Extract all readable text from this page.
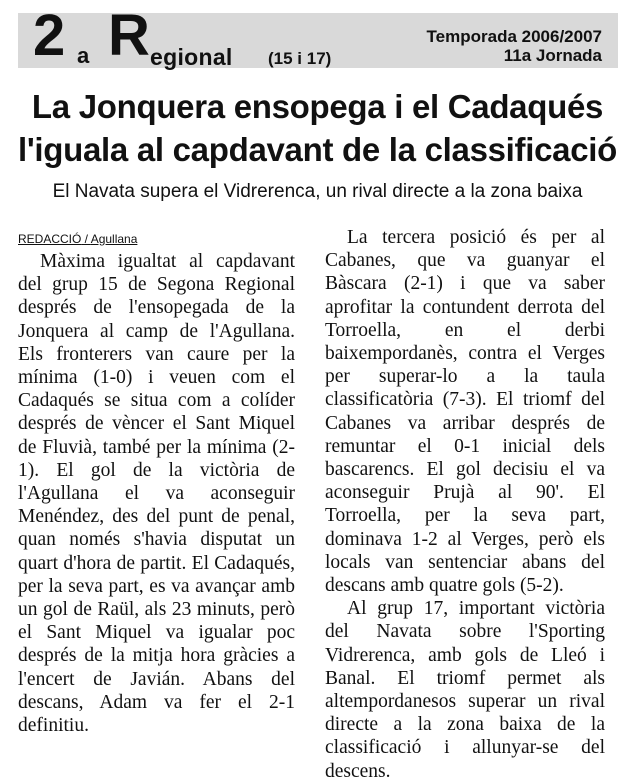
2 a R egional (15 i 17)
Temporada 2006/2007
11a Jornada
La Jonquera ensopega i el Cadaqués
l'iguala al capdavant de la classificació
El Navata supera el Vidrerenca, un rival directe a la zona baixa
REDACCIÓ / Agullana

Màxima igualtat al capdavant del grup 15 de Segona Regional després de l'ensopegada de la Jonquera al camp de l'Agullana. Els fronterers van caure per la mínima (1-0) i veuen com el Cadaqués se situa com a colíder després de vèncer el Sant Miquel de Fluvià, també per la mínima (2-1). El gol de la victòria de l'Agullana el va aconseguir Menéndez, des del punt de penal, quan només s'havia disputat un quart d'hora de partit. El Cadaqués, per la seva part, es va avançar amb un gol de Raül, als 23 minuts, però el Sant Miquel va igualar poc després de la mitja hora gràcies a l'encert de Javián. Abans del descans, Adam va fer el 2-1 definitiu.

La tercera posició és per al Cabanes, que va guanyar el Bàscara (2-1) i que va saber aprofitar la contundent derrota del Torroella, en el derbi baixempordanès, contra el Verges per superar-lo a la taula classificatòria (7-3). El triomf del Cabanes va arribar després de remuntar el 0-1 inicial dels bascarencs. El gol decisiu el va aconseguir Prujà al 90'. El Torroella, per la seva part, dominava 1-2 al Verges, però els locals van sentenciar abans del descans amb quatre gols (5-2).

Al grup 17, important victòria del Navata sobre l'Sporting Vidrerenca, amb gols de Lleó i Banal. El triomf permet als altempordanesos superar un rival directe a la zona baixa de la classificació i allunyar-se del descens.
